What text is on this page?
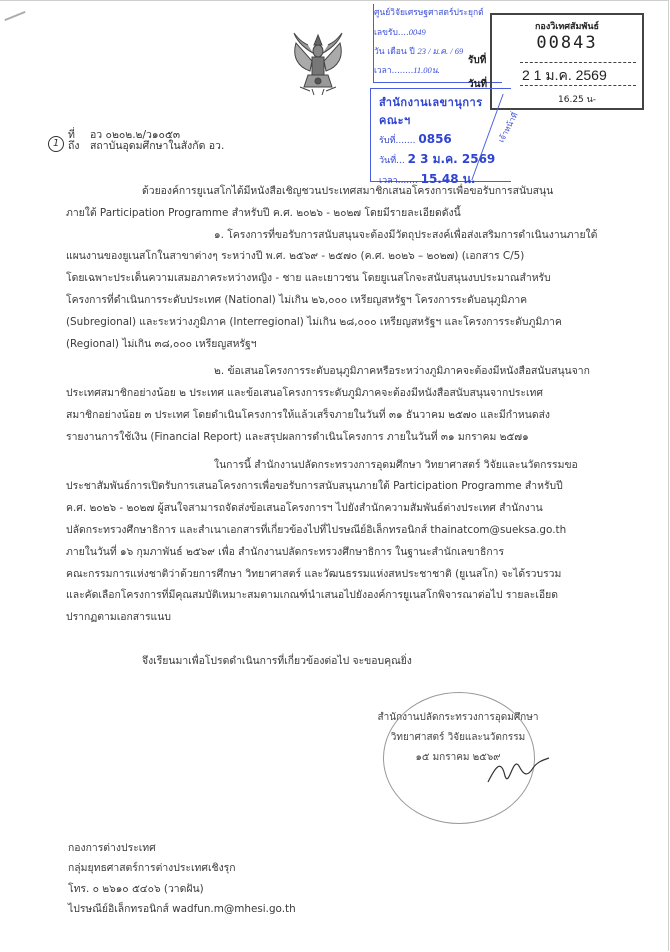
ศูนย์วิจัยเศรษฐศาสตร์ประยุกต์
เลขรับ....0049
วัน เดือน ปี 23 / ม.ค. / 69
เวลา........11.00น.
กองวิเทศสัมพันธ์
00843
รับที่
2 1 ม.ค. 2569
วันที่
16.25 น-
สำนักงานเลขานุการคณะฯ
รับที่....... 0856
วันที่... 2 3 ม.ค. 2569
เวลา....... 15.48 น.
เจ้าหน้าที่
ที่ อว ๐๒๐๒.๒/ว๑๐๕๓
1 ถึง สถาบันอุดมศึกษาในสังกัด อว.

ด้วยองค์การยูเนสโกได้มีหนังสือเชิญชวนประเทศสมาชิกเสนอโครงการเพื่อขอรับการสนับสนุน

ภายใต้ Participation Programme สำหรับปี ค.ศ. ๒๐๒๖ - ๒๐๒๗ โดยมีรายละเอียดดังนี้

๑. โครงการที่ขอรับการสนับสนุนจะต้องมีวัตถุประสงค์เพื่อส่งเสริมการดำเนินงานภายใต้

แผนงานของยูเนสโกในสาขาต่างๆ ระหว่างปี พ.ศ. ๒๕๖๙ - ๒๕๗๐ (ค.ศ. ๒๐๒๖ – ๒๐๒๗) (เอกสาร C/5)

โดยเฉพาะประเด็นความเสมอภาคระหว่างหญิง - ชาย และเยาวชน โดยยูเนสโกจะสนับสนุนงบประมาณสำหรับ

โครงการที่ดำเนินการระดับประเทศ (National) ไม่เกิน ๒๖,๐๐๐ เหรียญสหรัฐฯ โครงการระดับอนุภูมิภาค

(Subregional) และระหว่างภูมิภาค (Interregional) ไม่เกิน ๒๘,๐๐๐ เหรียญสหรัฐฯ และโครงการระดับภูมิภาค

(Regional) ไม่เกิน ๓๘,๐๐๐ เหรียญสหรัฐฯ

๒. ข้อเสนอโครงการระดับอนุภูมิภาคหรือระหว่างภูมิภาคจะต้องมีหนังสือสนับสนุนจาก

ประเทศสมาชิกอย่างน้อย ๒ ประเทศ และข้อเสนอโครงการระดับภูมิภาคจะต้องมีหนังสือสนับสนุนจากประเทศ

สมาชิกอย่างน้อย ๓ ประเทศ โดยดำเนินโครงการให้แล้วเสร็จภายในวันที่ ๓๑ ธันวาคม ๒๕๗๐ และมีกำหนดส่ง

รายงานการใช้เงิน (Financial Report) และสรุปผลการดำเนินโครงการ ภายในวันที่ ๓๑ มกราคม ๒๕๗๑

ในการนี้ สำนักงานปลัดกระทรวงการอุดมศึกษา วิทยาศาสตร์ วิจัยและนวัตกรรมขอ

ประชาสัมพันธ์การเปิดรับการเสนอโครงการเพื่อขอรับการสนับสนุนภายใต้ Participation Programme สำหรับปี

ค.ศ. ๒๐๒๖ - ๒๐๒๗ ผู้สนใจสามารถจัดส่งข้อเสนอโครงการฯ ไปยังสำนักความสัมพันธ์ต่างประเทศ สำนักงาน

ปลัดกระทรวงศึกษาธิการ และสำเนาเอกสารที่เกี่ยวข้องไปที่ไปรษณีย์อิเล็กทรอนิกส์ thainatcom@sueksa.go.th

ภายในวันที่ ๑๖ กุมภาพันธ์ ๒๕๖๙ เพื่อ สำนักงานปลัดกระทรวงศึกษาธิการ ในฐานะสำนักเลขาธิการ

คณะกรรมการแห่งชาติว่าด้วยการศึกษา วิทยาศาสตร์ และวัฒนธรรมแห่งสหประชาชาติ (ยูเนสโก) จะได้รวบรวม

และคัดเลือกโครงการที่มีคุณสมบัติเหมาะสมตามเกณฑ์นำเสนอไปยังองค์การยูเนสโกพิจารณาต่อไป รายละเอียด

ปรากฏตามเอกสารแนบ

จึงเรียนมาเพื่อโปรดดำเนินการที่เกี่ยวข้องต่อไป จะขอบคุณยิ่ง
สำนักงานปลัดกระทรวงการอุดมศึกษา
วิทยาศาสตร์ วิจัยและนวัตกรรม
๑๕ มกราคม ๒๕๖๙
กองการต่างประเทศ
กลุ่มยุทธศาสตร์การต่างประเทศเชิงรุก
โทร. ๐ ๒๖๑๐ ๕๔๐๖ (วาดฝัน)
ไปรษณีย์อิเล็กทรอนิกส์ wadfun.m@mhesi.go.th
